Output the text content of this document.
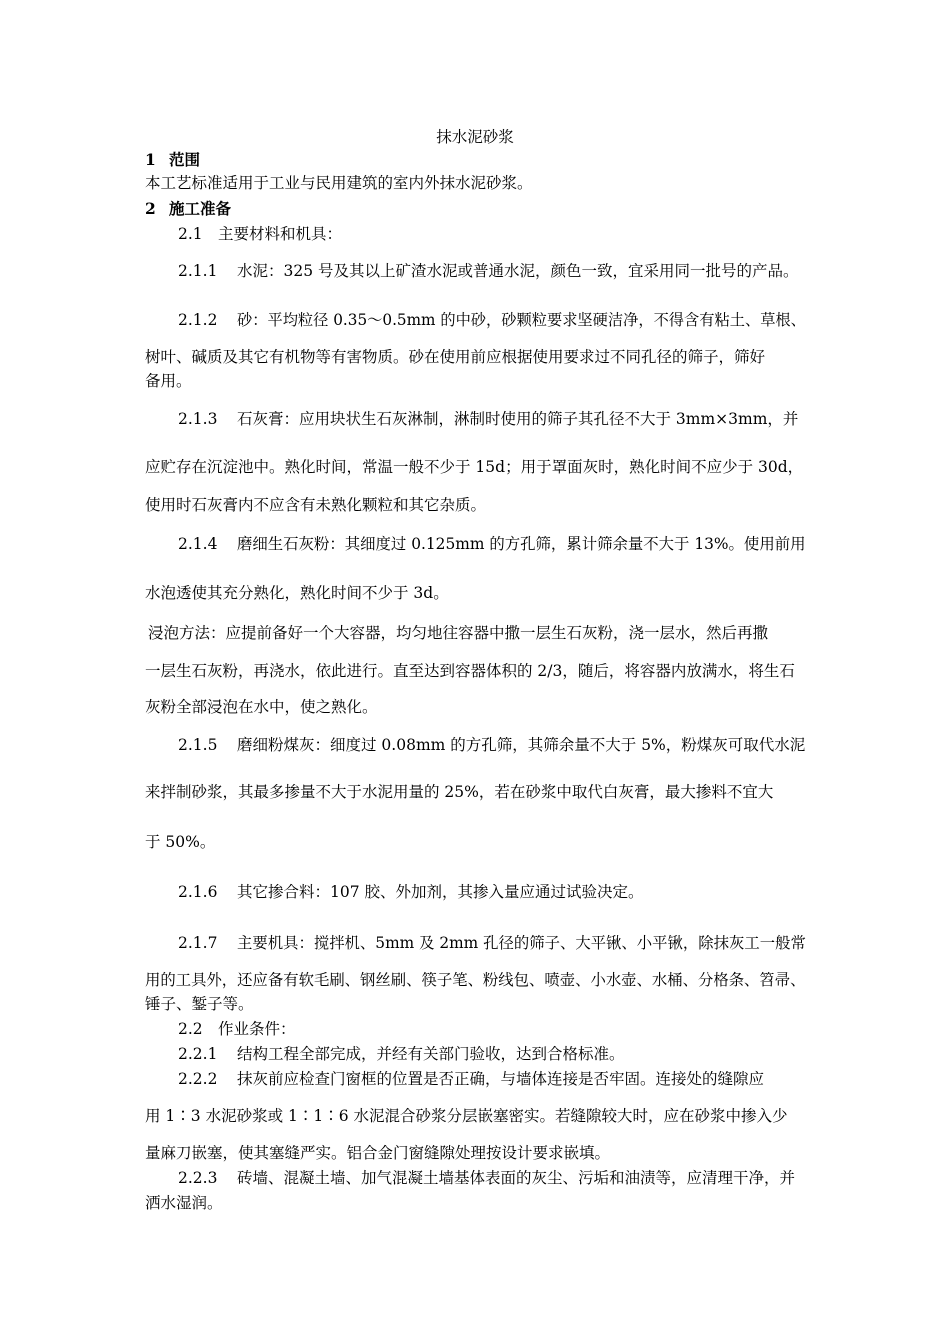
抹水泥砂浆
1 范围
本工艺标准适用于工业与民用建筑的室内外抹水泥砂浆。
2 施工准备
2.1 主要材料和机具：
2.1.1 水泥：325 号及其以上矿渣水泥或普通水泥，颜色一致，宜采用同一批号的产品。
2.1.2 砂：平均粒径 0.35～0.5mm 的中砂，砂颗粒要求坚硬洁净，不得含有粘土、草根、
树叶、碱质及其它有机物等有害物质。砂在使用前应根据使用要求过不同孔径的筛子，筛好
备用。
2.1.3 石灰膏：应用块状生石灰淋制，淋制时使用的筛子其孔径不大于 3mm×3mm，并
应贮存在沉淀池中。熟化时间，常温一般不少于 15d；用于罩面灰时，熟化时间不应少于 30d，
使用时石灰膏内不应含有未熟化颗粒和其它杂质。
2.1.4 磨细生石灰粉：其细度过 0.125mm 的方孔筛，累计筛余量不大于 13%。使用前用
水泡透使其充分熟化，熟化时间不少于 3d。
浸泡方法：应提前备好一个大容器，均匀地往容器中撒一层生石灰粉，浇一层水，然后再撒
一层生石灰粉，再浇水，依此进行。直至达到容器体积的 2/3，随后，将容器内放满水，将生石
灰粉全部浸泡在水中，使之熟化。
2.1.5 磨细粉煤灰：细度过 0.08mm 的方孔筛，其筛余量不大于 5%，粉煤灰可取代水泥
来拌制砂浆，其最多掺量不大于水泥用量的 25%，若在砂浆中取代白灰膏，最大掺料不宜大
于 50%。
2.1.6 其它掺合料：107 胶、外加剂，其掺入量应通过试验决定。
2.1.7 主要机具：搅拌机、5mm 及 2mm 孔径的筛子、大平锹、小平锹，除抹灰工一般常
用的工具外，还应备有软毛刷、钢丝刷、筷子笔、粉线包、喷壶、小水壶、水桶、分格条、笤帚、
锤子、錾子等。
2.2 作业条件：
2.2.1 结构工程全部完成，并经有关部门验收，达到合格标准。
2.2.2 抹灰前应检查门窗框的位置是否正确，与墙体连接是否牢固。连接处的缝隙应
用 1∶3 水泥砂浆或 1∶1∶6 水泥混合砂浆分层嵌塞密实。若缝隙较大时，应在砂浆中掺入少
量麻刀嵌塞，使其塞缝严实。铝合金门窗缝隙处理按设计要求嵌填。
2.2.3 砖墙、混凝土墙、加气混凝土墙基体表面的灰尘、污垢和油渍等，应清理干净，并
洒水湿润。
